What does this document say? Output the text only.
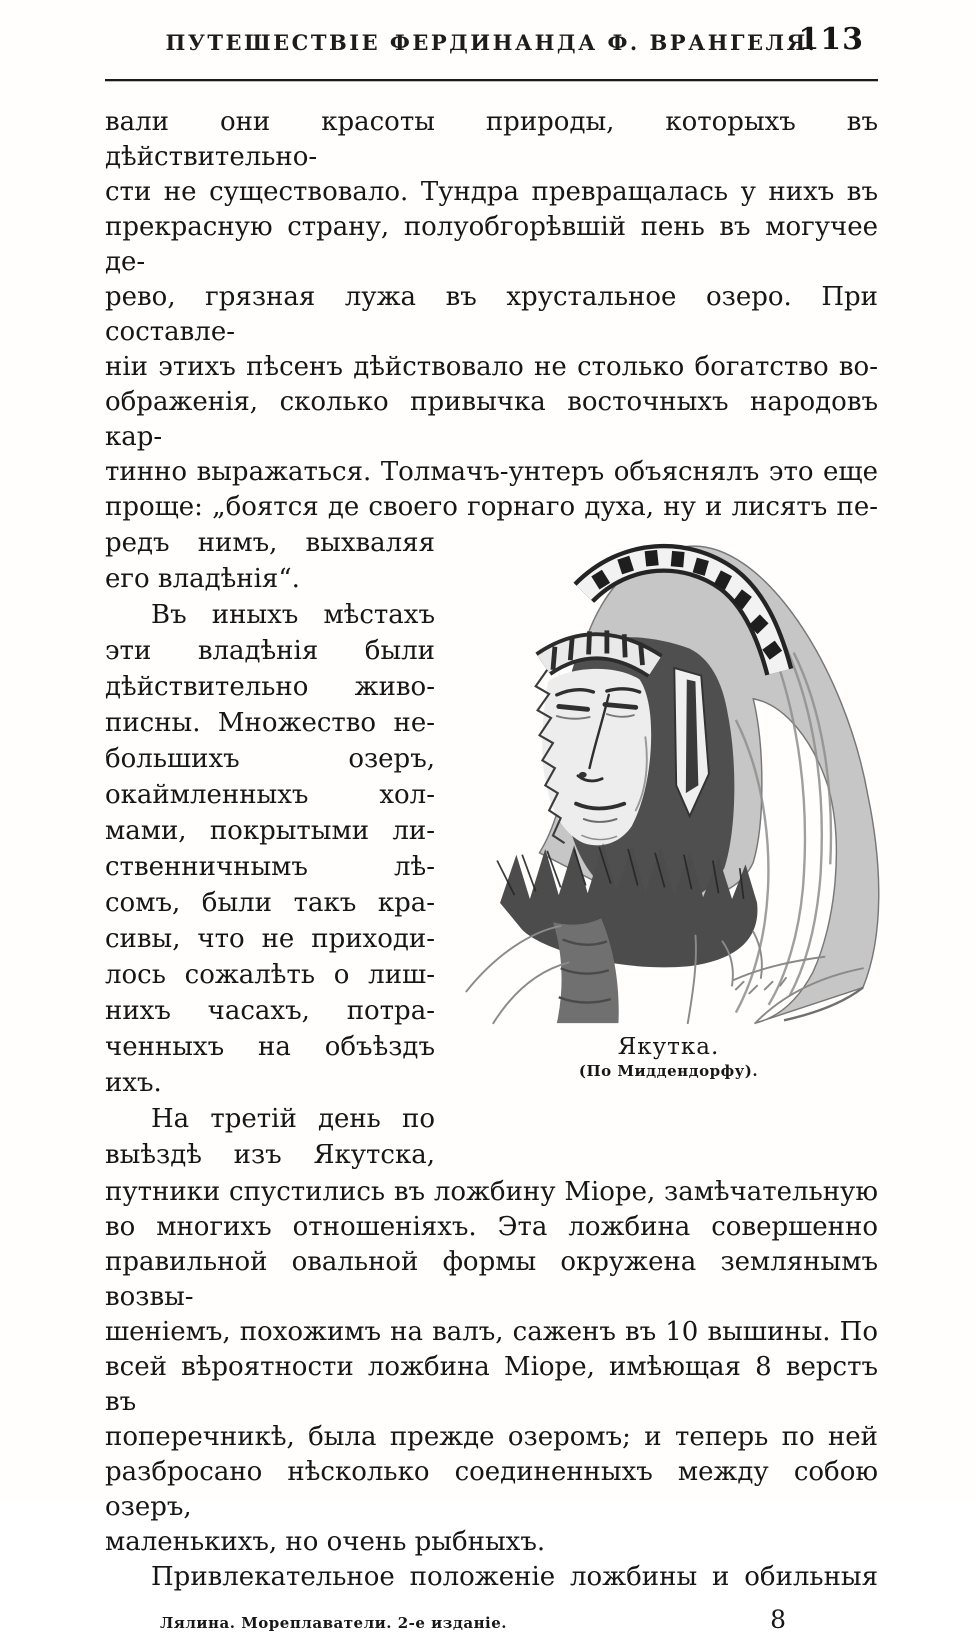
ПУТЕШЕСТВІЕ ФЕРДИНАНДА Ф. ВРАНГЕЛЯ.
113
вали они красоты природы, которыхъ въ дѣйствительно-
сти не существовало. Тундра превращалась у нихъ въ
прекрасную страну, полуобгорѣвшій пень въ могучее де-
рево, грязная лужа въ хрустальное озеро. При составле-
ніи этихъ пѣсенъ дѣйствовало не столько богатство во-
ображенія, сколько привычка восточныхъ народовъ кар-
тинно выражаться. Толмачъ-унтеръ объяснялъ это еще
проще: „боятся де своего горнаго духа, ну и лисятъ пе-
редъ нимъ, выхваляя
его владѣнія“.
Въ иныхъ мѣстахъ
эти владѣнія были
дѣйствительно живо-
писны. Множество не-
большихъ озеръ,
окаймленныхъ хол-
мами, покрытыми ли-
ственничнымъ лѣ-
сомъ, были такъ кра-
сивы, что не приходи-
лось сожалѣть о лиш-
нихъ часахъ, потра-
ченныхъ на объѣздъ
ихъ.
На третій день по
выѣздѣ изъ Якутска,
Якутка.
(По Миддендорфу).
путники спустились въ ложбину Міоре, замѣчательную
во многихъ отношеніяхъ. Эта ложбина совершенно
правильной овальной формы окружена землянымъ возвы-
шеніемъ, похожимъ на валъ, саженъ въ 10 вышины. По
всей вѣроятности ложбина Міоре, имѣющая 8 верстъ въ
поперечникѣ, была прежде озеромъ; и теперь по ней
разбросано нѣсколько соединенныхъ между собою озеръ,
маленькихъ, но очень рыбныхъ.
Привлекательное положеніе ложбины и обильныя
Лялина. Мореплаватели. 2-е изданіе.	8
